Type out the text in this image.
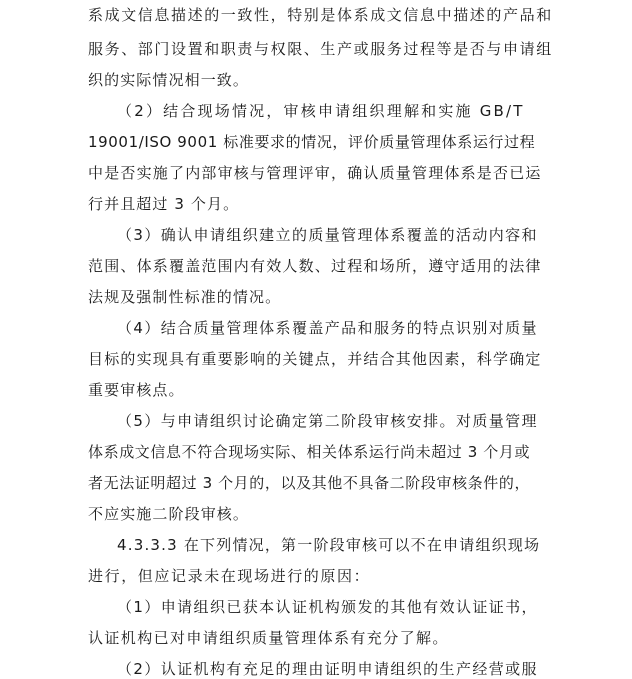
系成文信息描述的一致性，特别是体系成文信息中描述的产品和
服务、部门设置和职责与权限、生产或服务过程等是否与申请组
织的实际情况相一致。
（2）结合现场情况，审核申请组织理解和实施 GB/T
19001/ISO 9001 标准要求的情况，评价质量管理体系运行过程
中是否实施了内部审核与管理评审，确认质量管理体系是否已运
行并且超过 3 个月。
（3）确认申请组织建立的质量管理体系覆盖的活动内容和
范围、体系覆盖范围内有效人数、过程和场所，遵守适用的法律
法规及强制性标准的情况。
（4）结合质量管理体系覆盖产品和服务的特点识别对质量
目标的实现具有重要影响的关键点，并结合其他因素，科学确定
重要审核点。
（5）与申请组织讨论确定第二阶段审核安排。对质量管理
体系成文信息不符合现场实际、相关体系运行尚未超过 3 个月或
者无法证明超过 3 个月的，以及其他不具备二阶段审核条件的，
不应实施二阶段审核。
4.3.3.3 在下列情况，第一阶段审核可以不在申请组织现场
进行，但应记录未在现场进行的原因：
（1）申请组织已获本认证机构颁发的其他有效认证证书，
认证机构已对申请组织质量管理体系有充分了解。
（2）认证机构有充足的理由证明申请组织的生产经营或服
